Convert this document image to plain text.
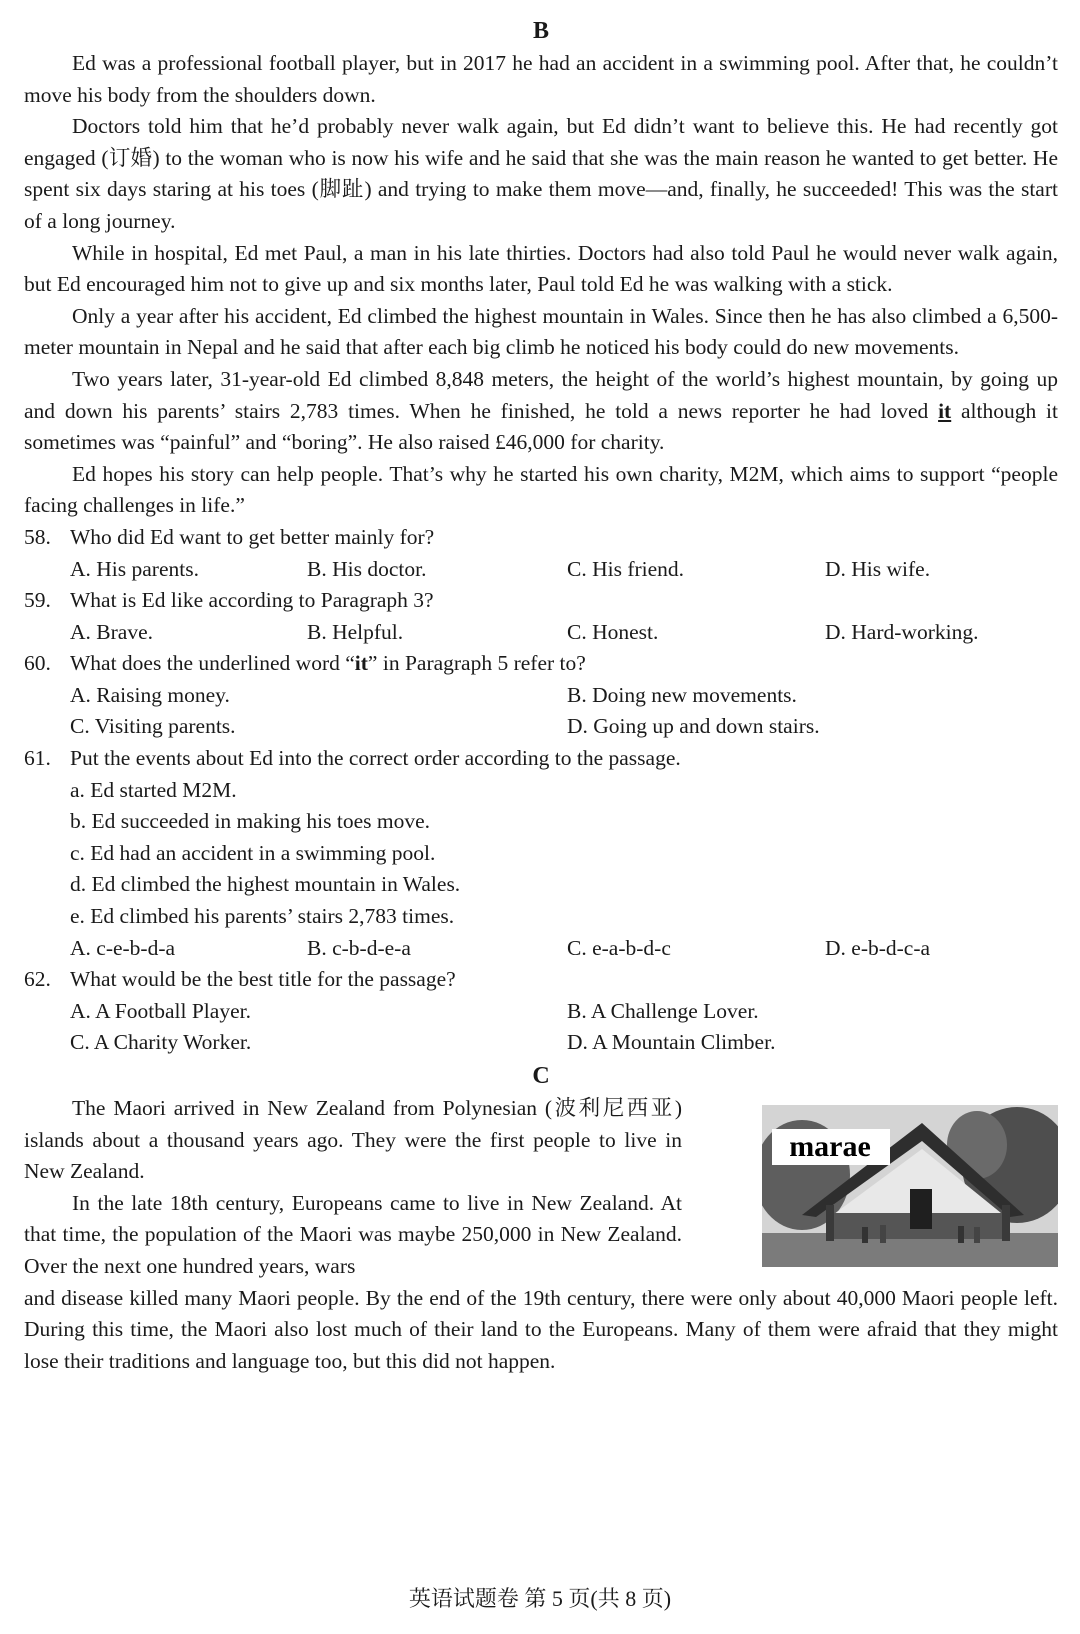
B

Ed was a professional football player, but in 2017 he had an accident in a swimming pool. After that, he couldn’t move his body from the shoulders down.

Doctors told him that he’d probably never walk again, but Ed didn’t want to believe this. He had recently got engaged (订婚) to the woman who is now his wife and he said that she was the main reason he wanted to get better. He spent six days staring at his toes (脚趾) and trying to make them move—and, finally, he succeeded! This was the start of a long journey.

While in hospital, Ed met Paul, a man in his late thirties. Doctors had also told Paul he would never walk again, but Ed encouraged him not to give up and six months later, Paul told Ed he was walking with a stick.

Only a year after his accident, Ed climbed the highest mountain in Wales. Since then he has also climbed a 6,500-meter mountain in Nepal and he said that after each big climb he noticed his body could do new movements.

Two years later, 31-year-old Ed climbed 8,848 meters, the height of the world’s highest mountain, by going up and down his parents’ stairs 2,783 times. When he finished, he told a news reporter he had loved it although it sometimes was “painful” and “boring”. He also raised £46,000 for charity.

Ed hopes his story can help people. That’s why he started his own charity, M2M, which aims to support “people facing challenges in life.”

58. Who did Ed want to get better mainly for?
A. His parents.	B. His doctor.	C. His friend.	D. His wife.
59. What is Ed like according to Paragraph 3?
A. Brave.	B. Helpful.	C. Honest.	D. Hard-working.
60. What does the underlined word “it” in Paragraph 5 refer to?
A. Raising money.	B. Doing new movements.
C. Visiting parents.	D. Going up and down stairs.
61. Put the events about Ed into the correct order according to the passage.
a. Ed started M2M.
b. Ed succeeded in making his toes move.
c. Ed had an accident in a swimming pool.
d. Ed climbed the highest mountain in Wales.
e. Ed climbed his parents’ stairs 2,783 times.
A. c-e-b-d-a	B. c-b-d-e-a	C. e-a-b-d-c	D. e-b-d-c-a
62. What would be the best title for the passage?
A. A Football Player.	B. A Challenge Lover.
C. A Charity Worker.	D. A Mountain Climber.
C
marae

The Maori arrived in New Zealand from Polynesian (波利尼西亚) islands about a thousand years ago. They were the first people to live in New Zealand.

In the late 18th century, Europeans came to live in New Zealand. At that time, the population of the Maori was maybe 250,000 in New Zealand. Over the next one hundred years, wars

and disease killed many Maori people. By the end of the 19th century, there were only about 40,000 Maori people left. During this time, the Maori also lost much of their land to the Europeans. Many of them were afraid that they might lose their traditions and language too, but this did not happen.

英语试题卷 第 5 页(共 8 页)
